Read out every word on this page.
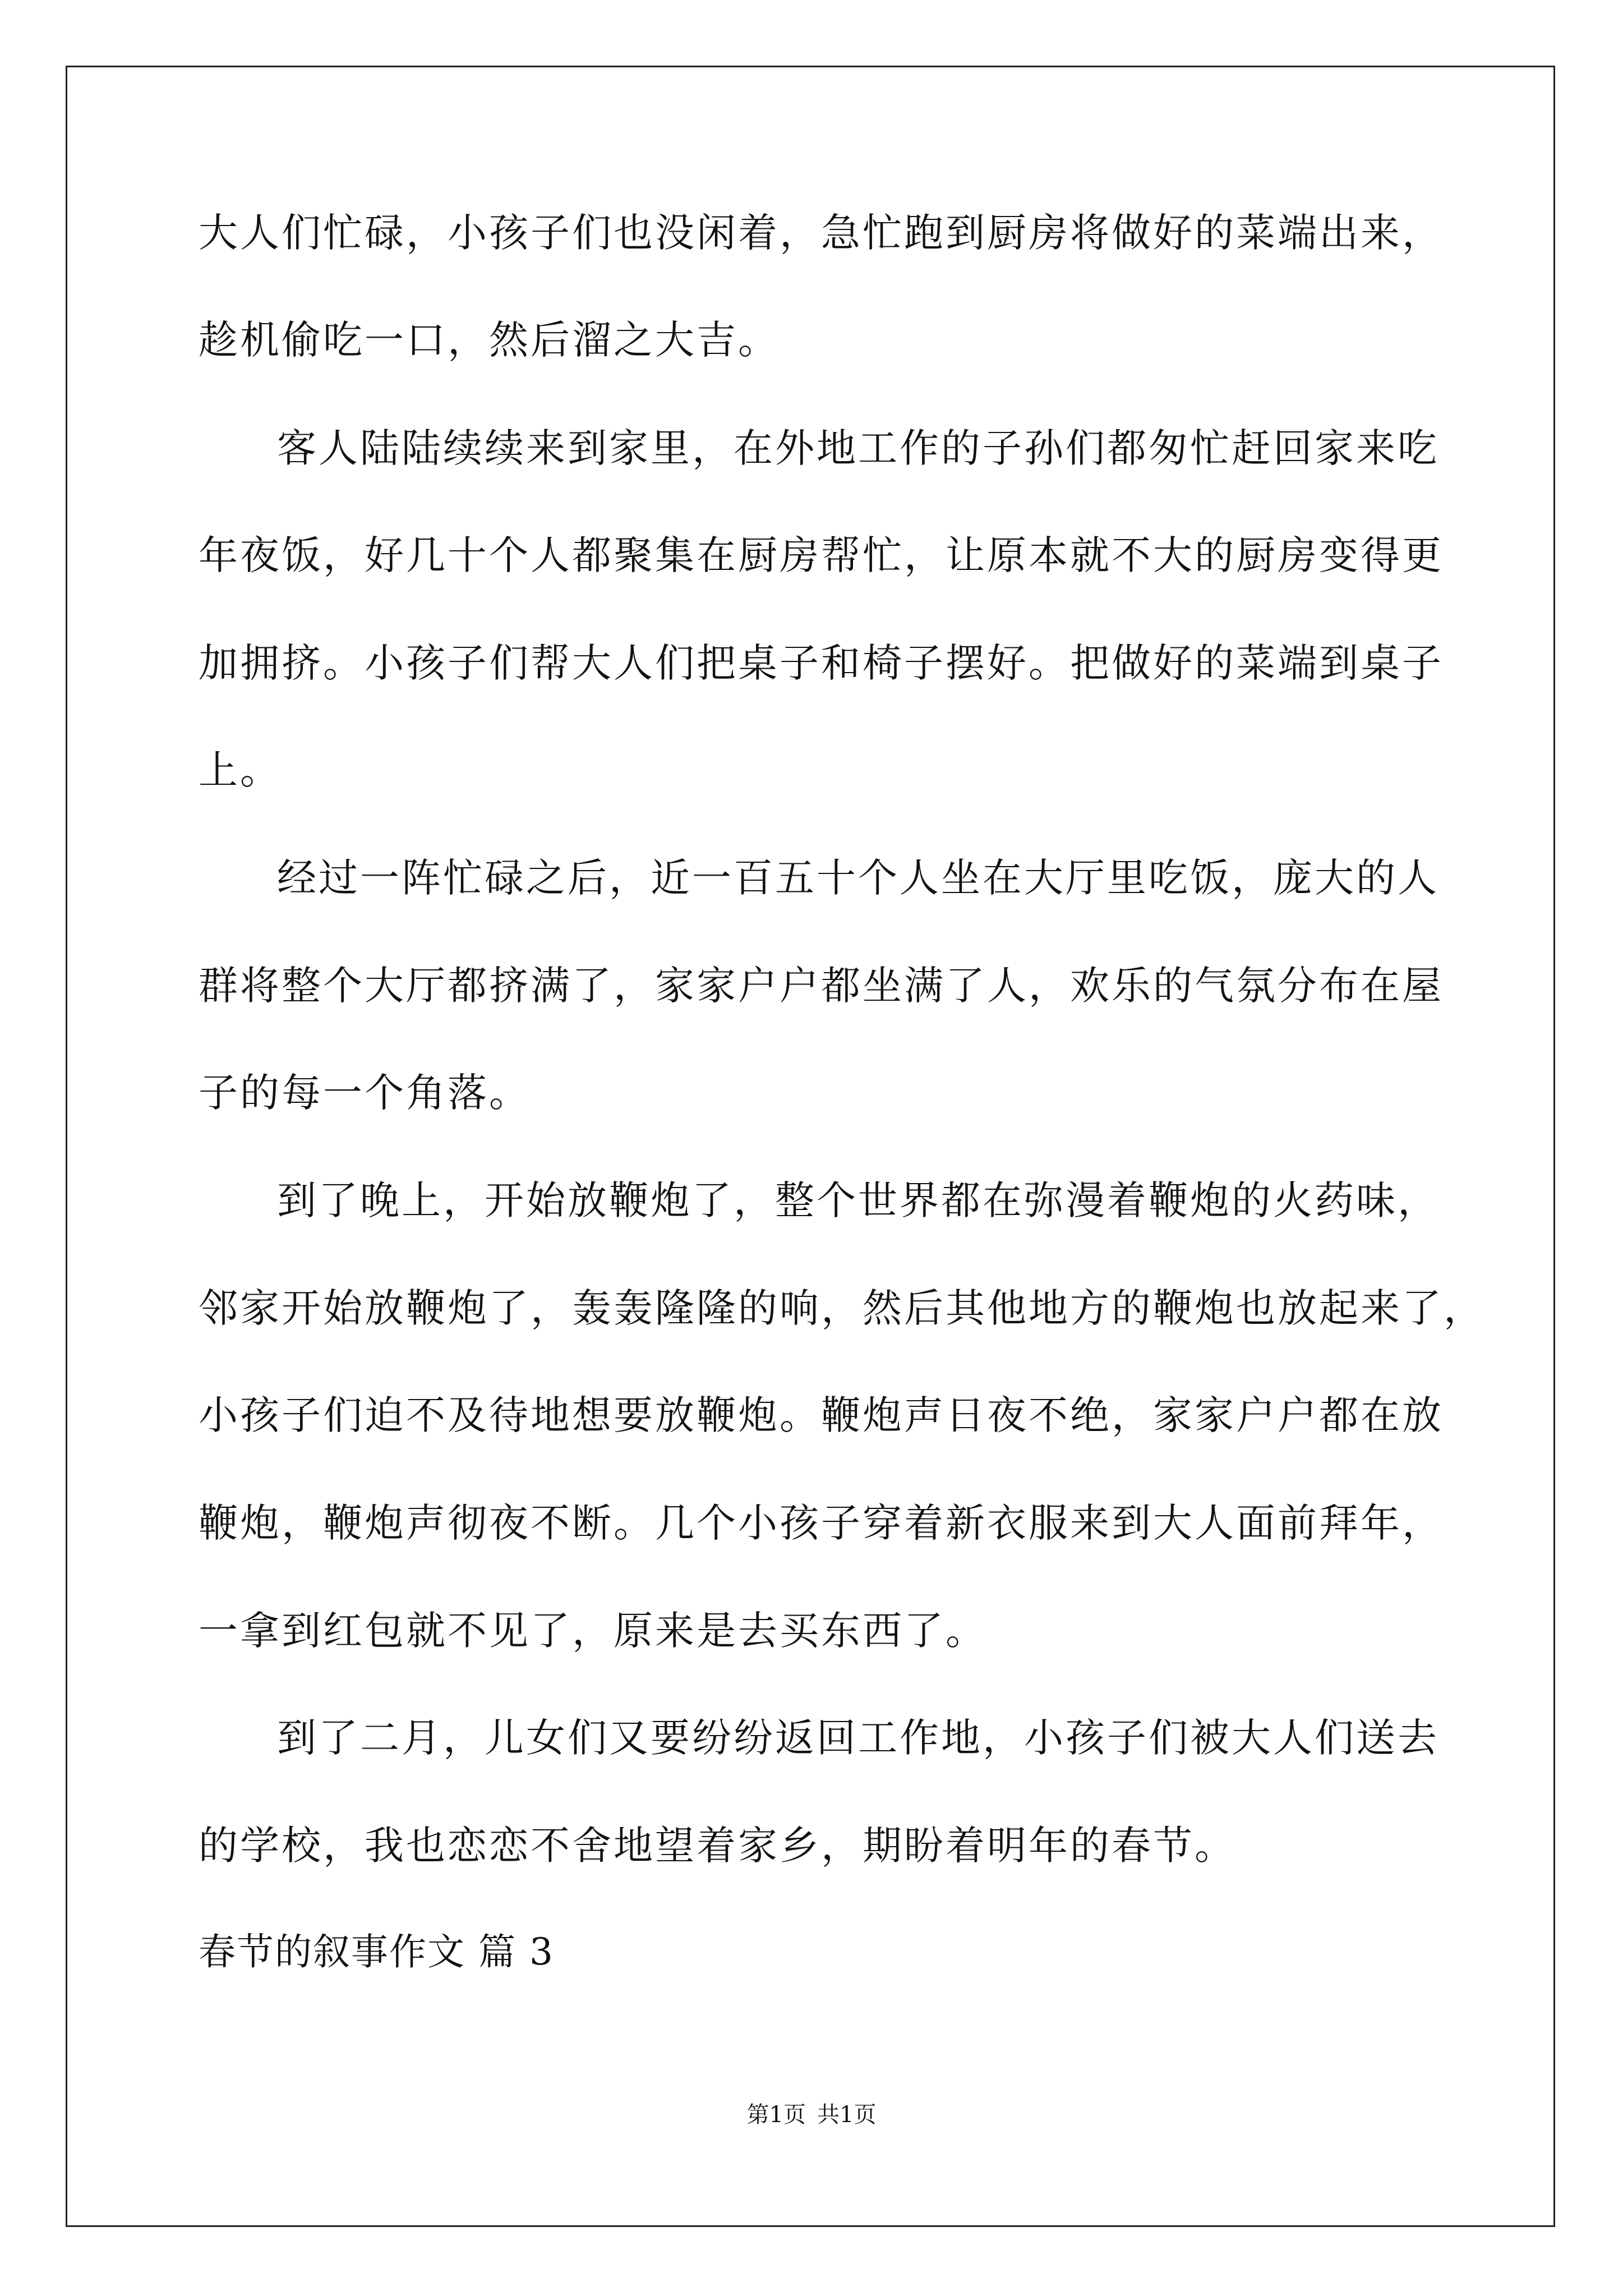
大人们忙碌，小孩子们也没闲着，急忙跑到厨房将做好的菜端出来，
趁机偷吃一口，然后溜之大吉。
客人陆陆续续来到家里，在外地工作的子孙们都匆忙赶回家来吃
年夜饭，好几十个人都聚集在厨房帮忙，让原本就不大的厨房变得更
加拥挤。小孩子们帮大人们把桌子和椅子摆好。把做好的菜端到桌子
上。
经过一阵忙碌之后，近一百五十个人坐在大厅里吃饭，庞大的人
群将整个大厅都挤满了，家家户户都坐满了人，欢乐的气氛分布在屋
子的每一个角落。
到了晚上，开始放鞭炮了，整个世界都在弥漫着鞭炮的火药味，
邻家开始放鞭炮了，轰轰隆隆的响，然后其他地方的鞭炮也放起来了，
小孩子们迫不及待地想要放鞭炮。鞭炮声日夜不绝，家家户户都在放
鞭炮，鞭炮声彻夜不断。几个小孩子穿着新衣服来到大人面前拜年，
一拿到红包就不见了，原来是去买东西了。
到了二月，儿女们又要纷纷返回工作地，小孩子们被大人们送去
的学校，我也恋恋不舍地望着家乡，期盼着明年的春节。
春节的叙事作文 篇 3
第1页 共1页
